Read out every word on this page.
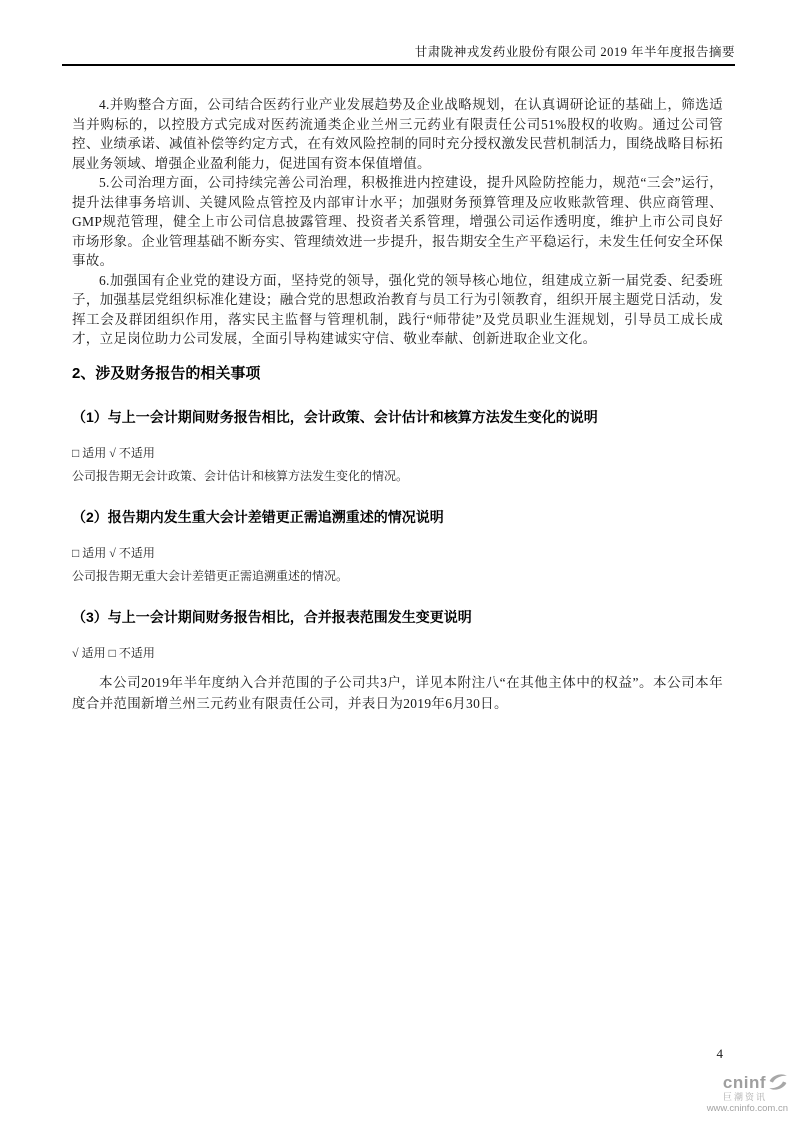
甘肃陇神戎发药业股份有限公司 2019 年半年度报告摘要

4.并购整合方面，公司结合医药行业产业发展趋势及企业战略规划，在认真调研论证的基础上，筛选适当并购标的，以控股方式完成对医药流通类企业兰州三元药业有限责任公司51%股权的收购。通过公司管控、业绩承诺、减值补偿等约定方式，在有效风险控制的同时充分授权激发民营机制活力，围绕战略目标拓展业务领域、增强企业盈利能力，促进国有资本保值增值。

5.公司治理方面，公司持续完善公司治理，积极推进内控建设，提升风险防控能力，规范“三会”运行，提升法律事务培训、关键风险点管控及内部审计水平；加强财务预算管理及应收账款管理、供应商管理、GMP规范管理，健全上市公司信息披露管理、投资者关系管理，增强公司运作透明度，维护上市公司良好市场形象。企业管理基础不断夯实、管理绩效进一步提升，报告期安全生产平稳运行，未发生任何安全环保事故。

6.加强国有企业党的建设方面，坚持党的领导，强化党的领导核心地位，组建成立新一届党委、纪委班子，加强基层党组织标准化建设；融合党的思想政治教育与员工行为引领教育，组织开展主题党日活动，发挥工会及群团组织作用，落实民主监督与管理机制，践行“师带徒”及党员职业生涯规划，引导员工成长成才，立足岗位助力公司发展，全面引导构建诚实守信、敬业奉献、创新进取企业文化。

2、涉及财务报告的相关事项
（1）与上一会计期间财务报告相比，会计政策、会计估计和核算方法发生变化的说明

□ 适用 √ 不适用

公司报告期无会计政策、会计估计和核算方法发生变化的情况。

（2）报告期内发生重大会计差错更正需追溯重述的情况说明

□ 适用 √ 不适用

公司报告期无重大会计差错更正需追溯重述的情况。

（3）与上一会计期间财务报告相比，合并报表范围发生变更说明

√ 适用 □ 不适用

本公司2019年半年度纳入合并范围的子公司共3户，详见本附注八“在其他主体中的权益”。本公司本年度合并范围新增兰州三元药业有限责任公司，并表日为2019年6月30日。

4
cninf
巨潮资讯
www.cninfo.com.cn
